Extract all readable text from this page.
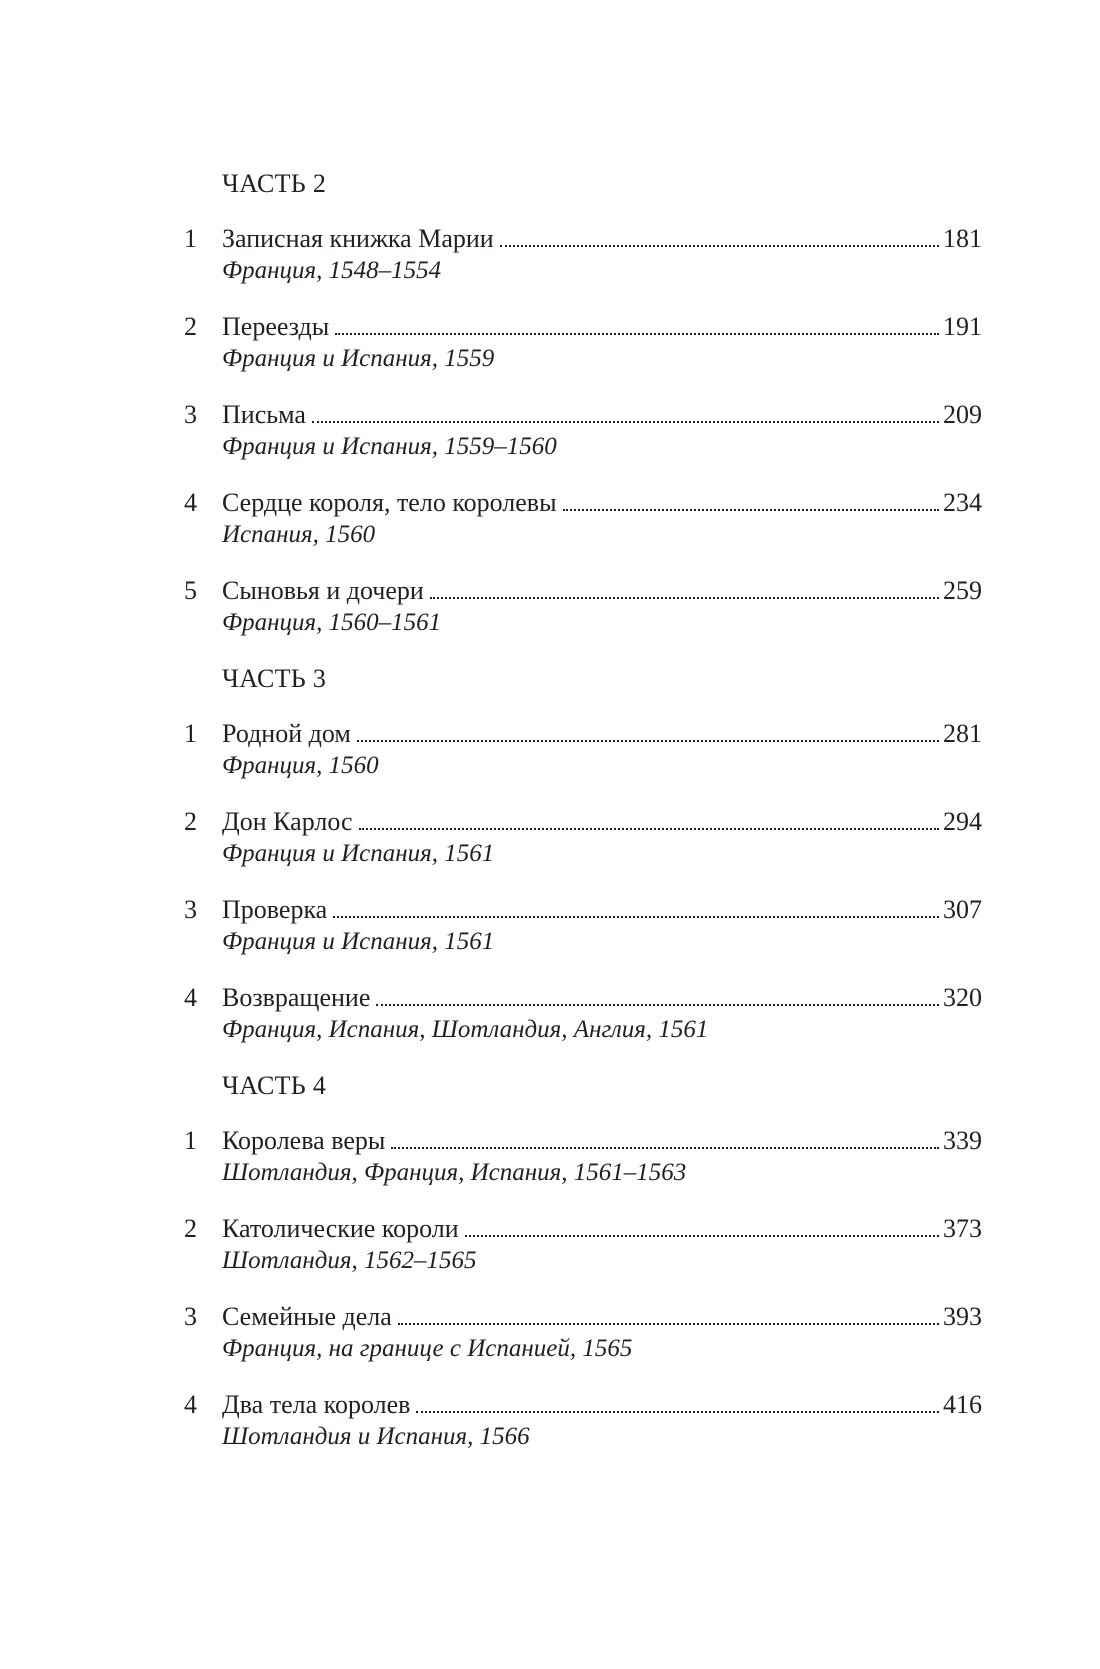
ЧАСТЬ 2
1 Записная книжка Марии	181
Франция, 1548–1554
2 Переезды	191
Франция и Испания, 1559
3 Письма	209
Франция и Испания, 1559–1560
4 Сердце короля, тело королевы	234
Испания, 1560
5 Сыновья и дочери	259
Франция, 1560–1561
ЧАСТЬ 3
1 Родной дом	281
Франция, 1560
2 Дон Карлос	294
Франция и Испания, 1561
3 Проверка	307
Франция и Испания, 1561
4 Возвращение	320
Франция, Испания, Шотландия, Англия, 1561
ЧАСТЬ 4
1 Королева веры	339
Шотландия, Франция, Испания, 1561–1563
2 Католические короли	373
Шотландия, 1562–1565
3 Семейные дела	393
Франция, на границе с Испанией, 1565
4 Два тела королев	416
Шотландия и Испания, 1566
